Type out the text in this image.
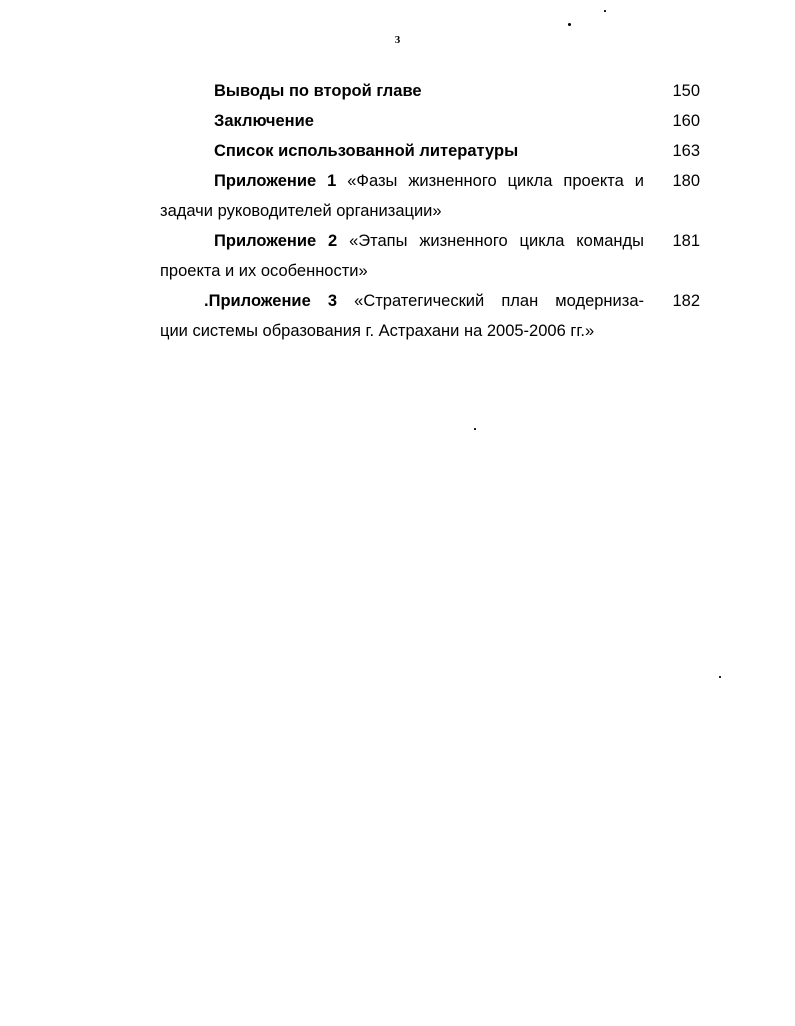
3
Выводы по второй главе	150
Заключение	160
Список использованной литературы	163
Приложение 1 «Фазы жизненного цикла проекта и	180
задачи руководителей организации»
Приложение 2 «Этапы жизненного цикла команды	181
проекта и их особенности»
.Приложение 3 «Стратегический план модерниза-	182
ции системы образования г. Астрахани на 2005-2006 гг.»
